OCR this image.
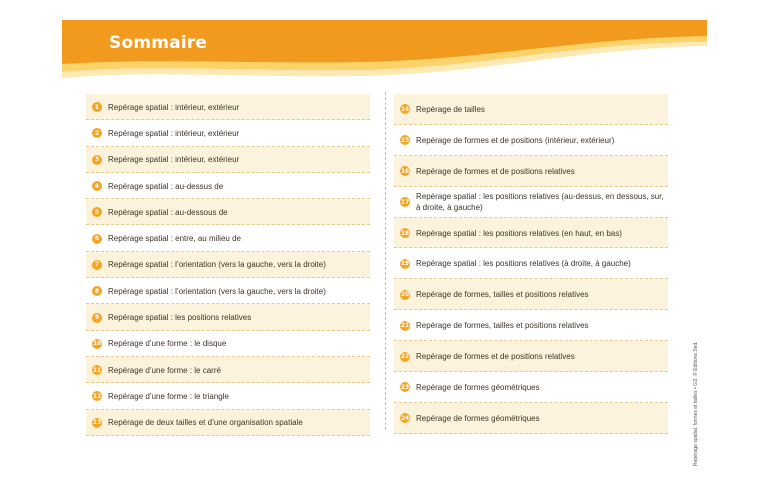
Sommaire
1	Repérage spatial : intérieur, extérieur
2	Repérage spatial : intérieur, extérieur
3	Repérage spatial : intérieur, extérieur
4	Repérage spatial : au-dessus de
5	Repérage spatial : au-dessous de
6	Repérage spatial : entre, au milieu de
7	Repérage spatial : l’orientation (vers la gauche, vers la droite)
8	Repérage spatial : l’orientation (vers la gauche, vers la droite)
9	Repérage spatial : les positions relatives
10 Repérage d’une forme : le disque
11 Repérage d’une forme : le carré
12 Repérage d’une forme : le triangle
13 Repérage de deux tailles et d’une organisation spatiale
14 Repérage de tailles
15 Repérage de formes et de positions (intérieur, extérieur)
16 Repérage de formes et de positions relatives
17
Repérage spatial : les positions relatives (au-dessus, en dessous, sur, à droite, à gauche)
18 Repérage spatial : les positions relatives (en haut, en bas)
19 Repérage spatial : les positions relatives (à droite, à gauche)
20 Repérage de formes, tailles et positions relatives
21 Repérage de formes, tailles et positions relatives
22 Repérage de formes et de positions relatives
23 Repérage de formes géométriques
24 Repérage de formes géométriques	Repérage spatial, formes et tailles • GS, © Éditions Sed.
